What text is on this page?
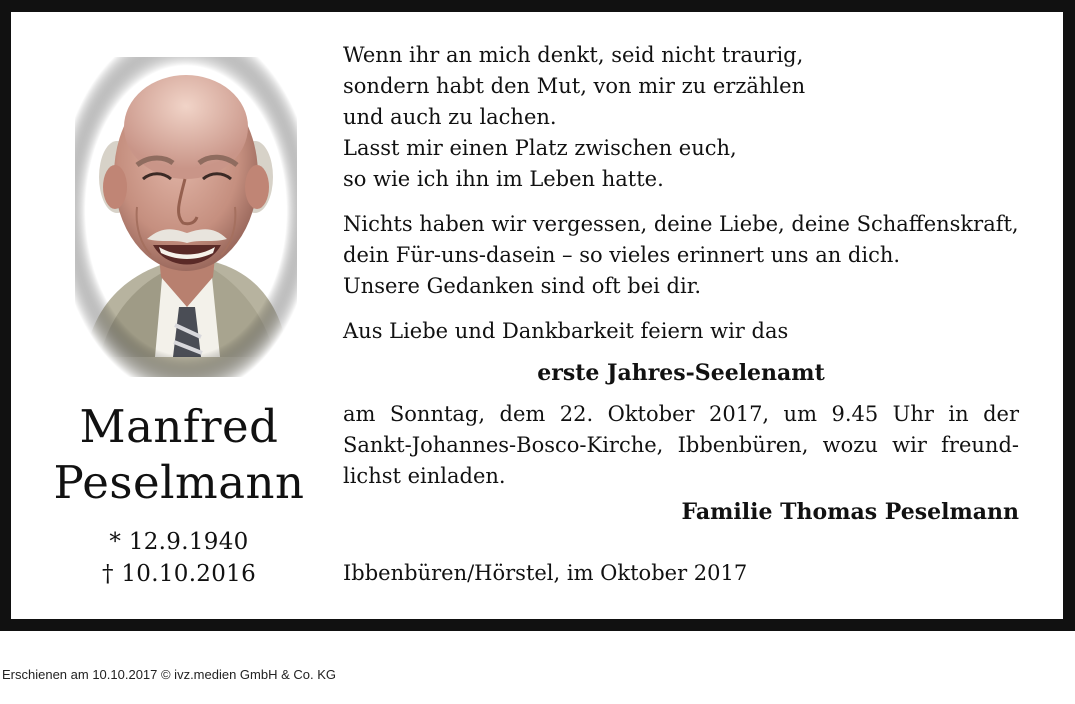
Manfred
Peselmann
* 12.9.1940
† 10.10.2016
Wenn ihr an mich denkt, seid nicht traurig,
sondern habt den Mut, von mir zu erzählen
und auch zu lachen.
Lasst mir einen Platz zwischen euch,
so wie ich ihn im Leben hatte.
Nichts haben wir vergessen, deine Liebe, deine Schaffenskraft,
dein Für-uns-dasein – so vieles erinnert uns an dich.
Unsere Gedanken sind oft bei dir.
Aus Liebe und Dankbarkeit feiern wir das
erste Jahres-Seelenamt
am Sonntag, dem 22. Oktober 2017, um 9.45 Uhr in der
Sankt-Johannes-Bosco-Kirche, Ibbenbüren, wozu wir freund-
lichst einladen.
Familie Thomas Peselmann
Ibbenbüren/Hörstel, im Oktober 2017
Erschienen am 10.10.2017 © ivz.medien GmbH & Co. KG
